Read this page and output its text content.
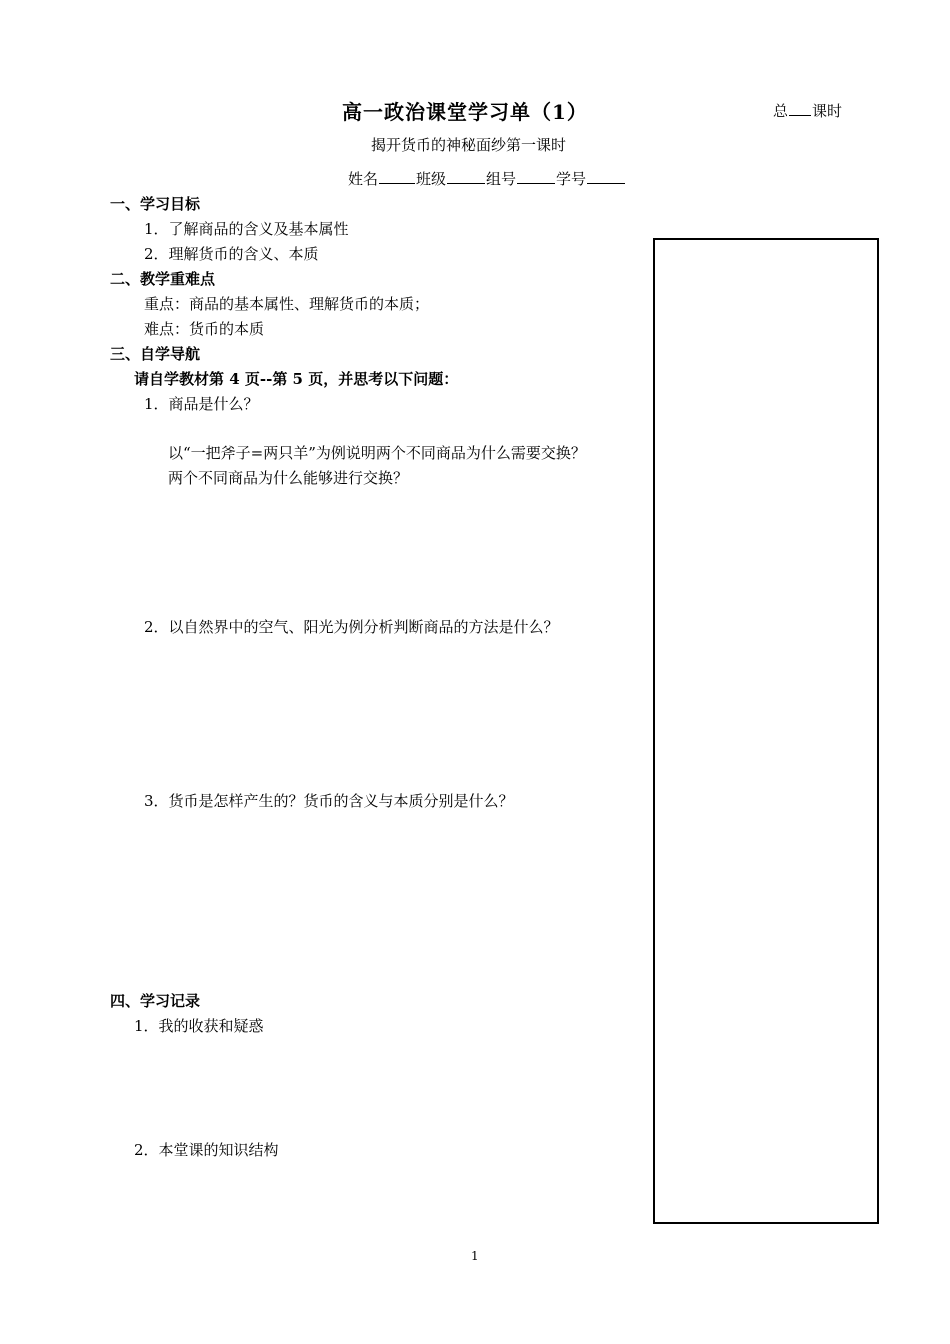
高一政治课堂学习单（1）	总 课时
揭开货币的神秘面纱第一课时
姓名	班级	组号	学号
一、学习目标
1．了解商品的含义及基本属性
2．理解货币的含义、本质
二、教学重难点
重点：商品的基本属性、理解货币的本质；
难点：货币的本质
三、自学导航
请自学教材第 4 页--第 5 页，并思考以下问题：
1．商品是什么？
以“一把斧子=两只羊”为例说明两个不同商品为什么需要交换？
两个不同商品为什么能够进行交换？
2．以自然界中的空气、阳光为例分析判断商品的方法是什么？
3．货币是怎样产生的？货币的含义与本质分别是什么？
四、学习记录
1．我的收获和疑惑
2．本堂课的知识结构
1
